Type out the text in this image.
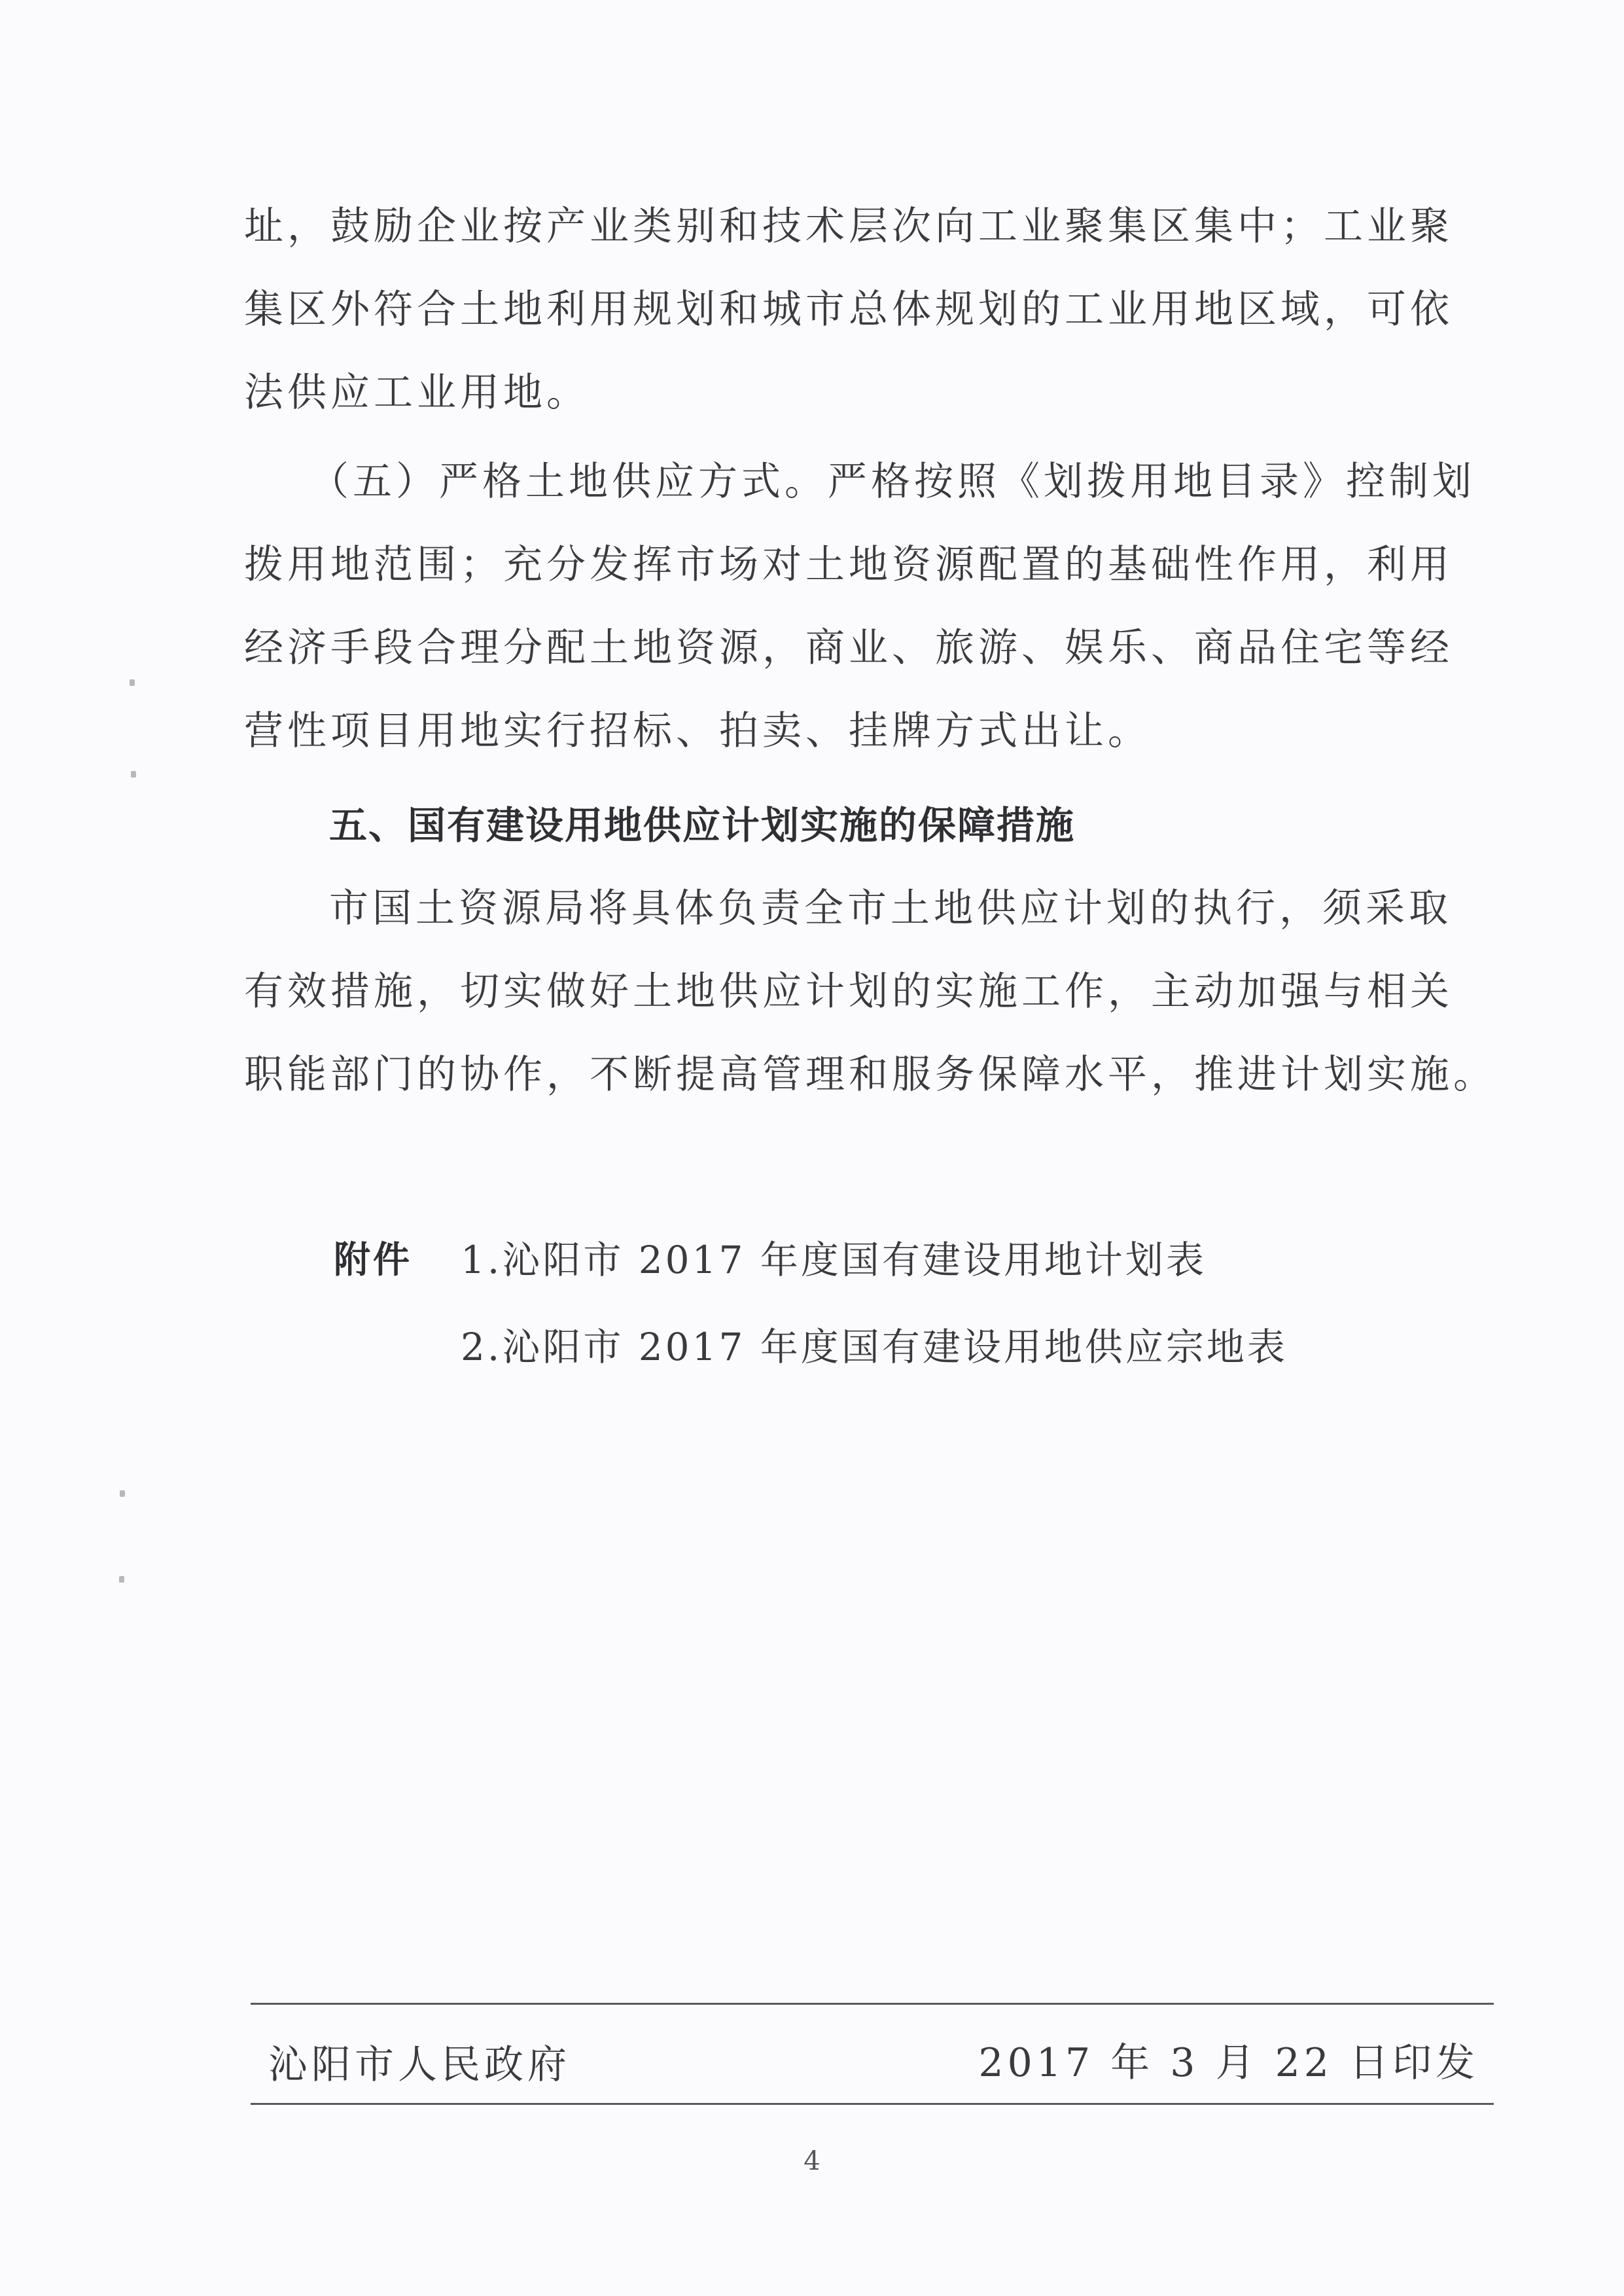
址，鼓励企业按产业类别和技术层次向工业聚集区集中；工业聚
集区外符合土地利用规划和城市总体规划的工业用地区域，可依
法供应工业用地。
（五）严格土地供应方式。严格按照《划拨用地目录》控制划
拨用地范围；充分发挥市场对土地资源配置的基础性作用，利用
经济手段合理分配土地资源，商业、旅游、娱乐、商品住宅等经
营性项目用地实行招标、拍卖、挂牌方式出让。
五、国有建设用地供应计划实施的保障措施
市国土资源局将具体负责全市土地供应计划的执行，须采取
有效措施，切实做好土地供应计划的实施工作，主动加强与相关
职能部门的协作，不断提高管理和服务保障水平，推进计划实施。
附件 1.沁阳市 2017 年度国有建设用地计划表
2.沁阳市 2017 年度国有建设用地供应宗地表
沁阳市人民政府	2017 年 3 月 22 日印发
4
